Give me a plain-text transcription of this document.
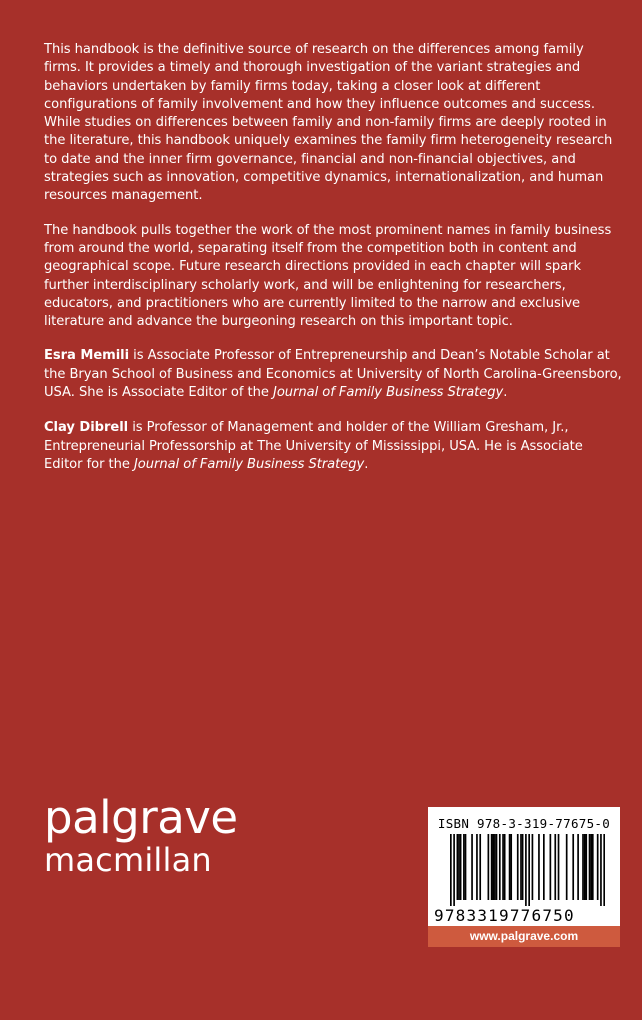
This handbook is the definitive source of research on the differences among family firms. It provides a timely and thorough investigation of the variant strategies and behaviors undertaken by family firms today, taking a closer look at different configurations of family involvement and how they influence outcomes and success. While studies on differences between family and non-family firms are deeply rooted in the literature, this handbook uniquely examines the family firm heterogeneity research to date and the inner firm governance, financial and non-financial objectives, and strategies such as innovation, competitive dynamics, internationalization, and human resources management.

The handbook pulls together the work of the most prominent names in family business from around the world, separating itself from the competition both in content and geographical scope. Future research directions provided in each chapter will spark further interdisciplinary scholarly work, and will be enlightening for researchers, educators, and practitioners who are currently limited to the narrow and exclusive literature and advance the burgeoning research on this important topic.

Esra Memili is Associate Professor of Entrepreneurship and Dean’s Notable Scholar at the Bryan School of Business and Economics at University of North Carolina-Greensboro, USA. She is Associate Editor of the Journal of Family Business Strategy.

Clay Dibrell is Professor of Management and holder of the William Gresham, Jr., Entrepreneurial Professorship at The University of Mississippi, USA. He is Associate Editor for the Journal of Family Business Strategy.

palgrave
macmillan
ISBN 978-3-319-77675-0
9783319776750
www.palgrave.com
